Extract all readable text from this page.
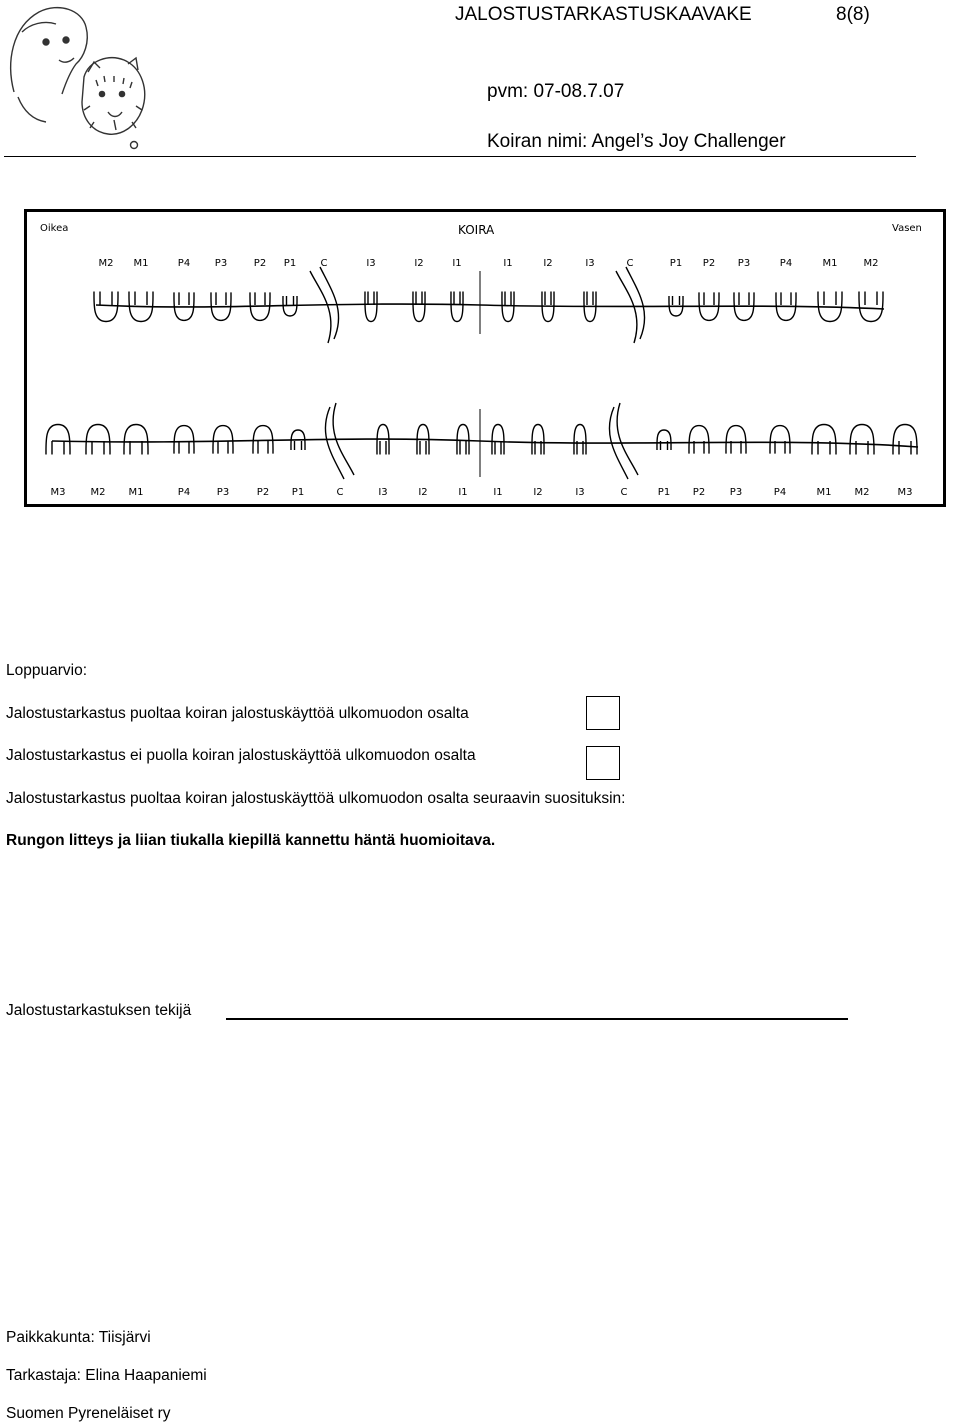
JALOSTUSTARKASTUSKAAVAKE	8(8)
pvm: 07-08.7.07
Koiran nimi: Angel’s Joy Challenger
Oikea	KOIRA	Vasen
M2 M1	P4 P3	P2 P1 C	I3	I2	I1	I1	I2	I3	C	P1 P2 P3	P4	M1	M2
M3	M2 M1	P4	P3	P2 P1	C	I3	I2	I1	I1	I2	I3	C	P1 P2 P3	P4	M1 M2	M3
Loppuarvio:
Jalostustarkastus puoltaa koiran jalostuskäyttöä ulkomuodon osalta
Jalostustarkastus ei puolla koiran jalostuskäyttöä ulkomuodon osalta
Jalostustarkastus puoltaa koiran jalostuskäyttöä ulkomuodon osalta seuraavin suosituksin:
Rungon litteys ja liian tiukalla kiepillä kannettu häntä huomioitava.
Jalostustarkastuksen tekijä
Paikkakunta: Tiisjärvi
Tarkastaja: Elina Haapaniemi
Suomen Pyreneläiset ry
